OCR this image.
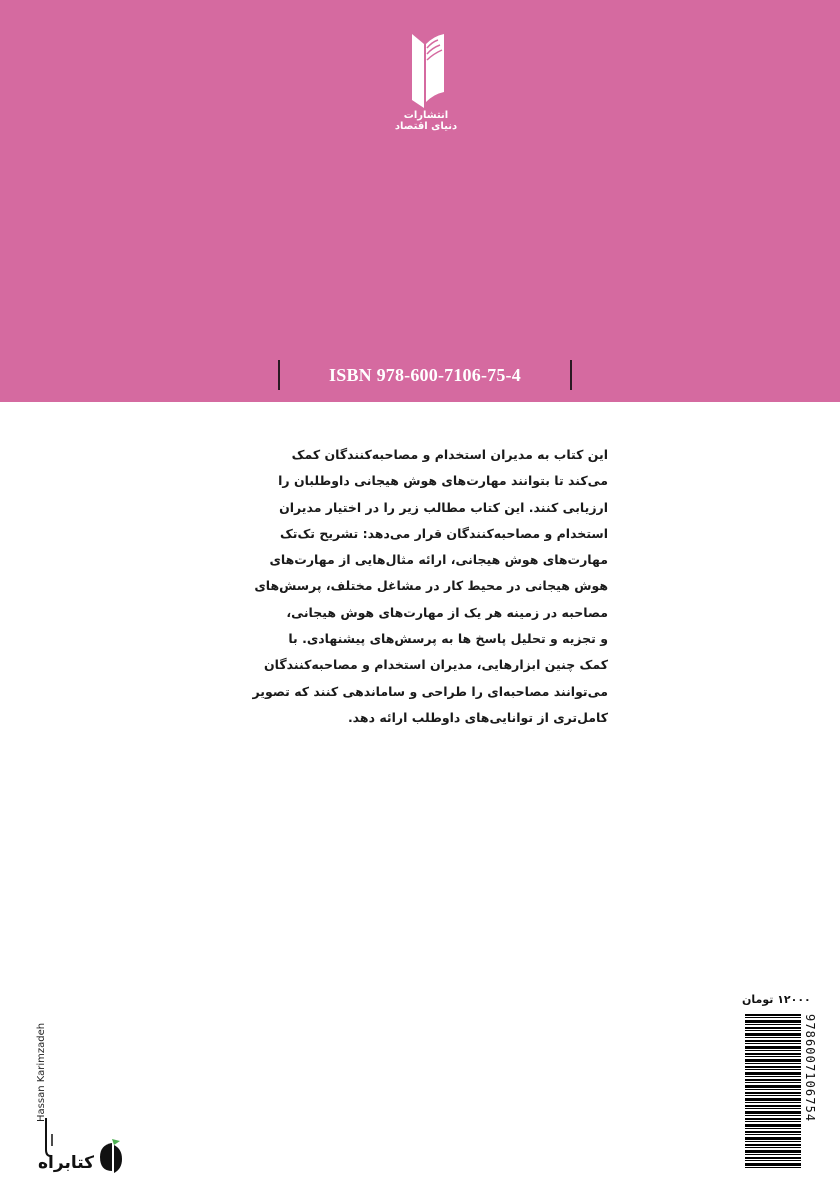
انتشارات دنیای اقتصاد
ISBN 978-600-7106-75-4
این کتاب به مدیران استخدام و مصاحبه‌کنندگان کمک
می‌کند تا بتوانند مهارت‌های هوش هیجانی داوطلبان را
ارزیابی کنند. این کتاب مطالب زیر را در اختیار مدیران
استخدام و مصاحبه‌کنندگان قرار می‌دهد: تشریح تک‌تک
مهارت‌های هوش هیجانی، ارائه مثال‌هایی از مهارت‌های
هوش هیجانی در محیط کار در مشاغل مختلف، پرسش‌های
مصاحبه در زمینه هر یک از مهارت‌های هوش هیجانی،
و تجزیه و تحلیل پاسخ ها به پرسش‌های پیشنهادی. با
کمک چنین ابزارهایی، مدیران استخدام و مصاحبه‌کنندگان
می‌توانند مصاحبه‌ای را طراحی و ساماندهی کنند که تصویر
کامل‌تری از توانایی‌های داوطلب ارائه دهد.
۱۲۰۰۰ تومان
9786007106754
Hassan Karimzadeh
کتابراه
